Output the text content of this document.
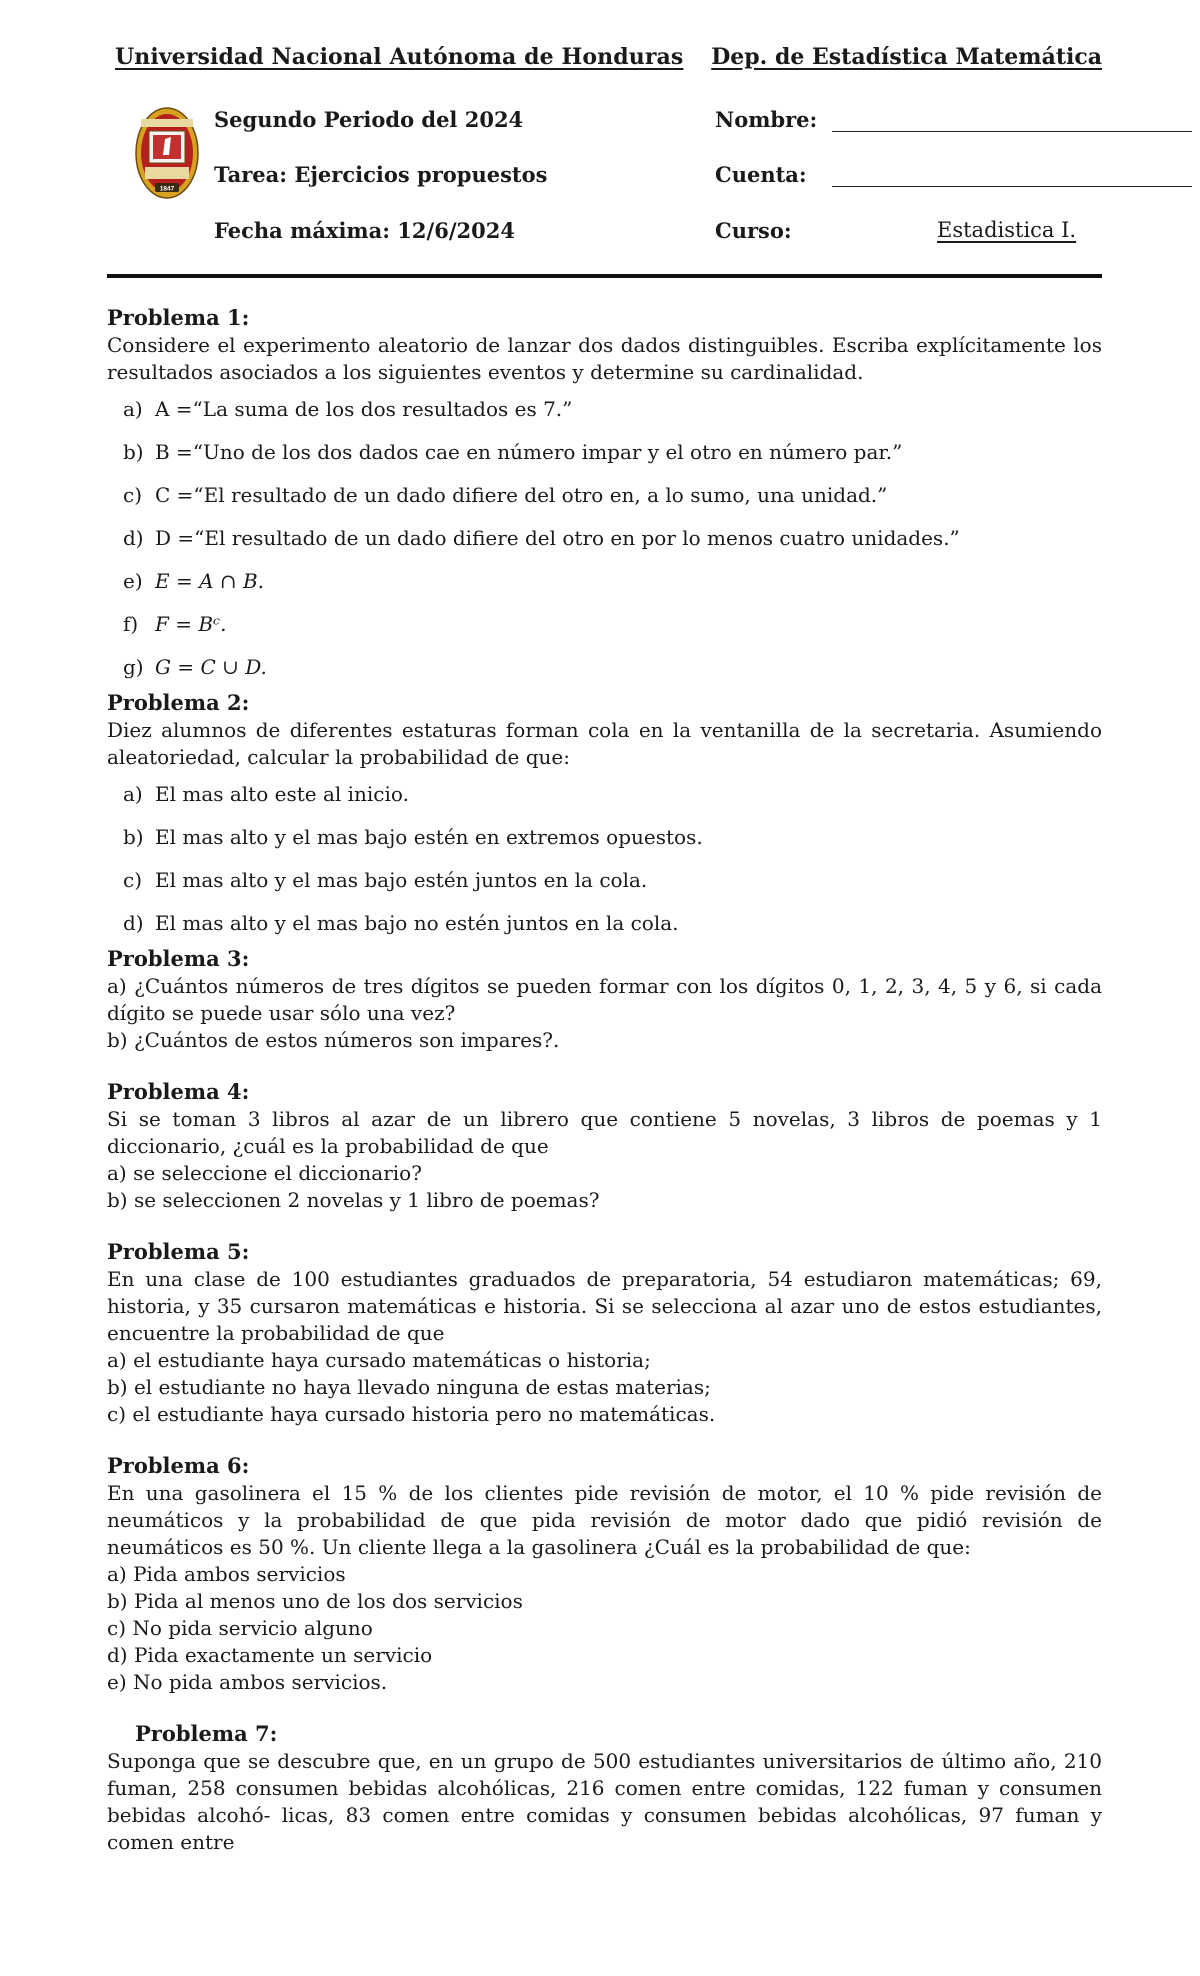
Universidad Nacional Autónoma de Honduras Dep. de Estadística Matemática
1847
Segundo Periodo del 2024	Nombre:
Tarea: Ejercicios propuestos	Cuenta:
Fecha máxima: 12/6/2024	Curso:	Estadistica I.
Problema 1:
Considere el experimento aleatorio de lanzar dos dados distinguibles. Escriba explícitamente los resultados asociados a los siguientes eventos y determine su cardinalidad.
a) A =“La suma de los dos resultados es 7.”
b) B =“Uno de los dos dados cae en número impar y el otro en número par.”
c) C =“El resultado de un dado difiere del otro en, a lo sumo, una unidad.”
d) D =“El resultado de un dado difiere del otro en por lo menos cuatro unidades.”
e) E = A ∩ B.
f) F = Bᶜ.
g) G = C ∪ D.
Problema 2:
Diez alumnos de diferentes estaturas forman cola en la ventanilla de la secretaria. Asumiendo aleatoriedad, calcular la probabilidad de que:
a) El mas alto este al inicio.
b) El mas alto y el mas bajo estén en extremos opuestos.
c) El mas alto y el mas bajo estén juntos en la cola.
d) El mas alto y el mas bajo no estén juntos en la cola.
Problema 3:
a) ¿Cuántos números de tres dígitos se pueden formar con los dígitos 0, 1, 2, 3, 4, 5 y 6, si cada dígito se puede usar sólo una vez?
b) ¿Cuántos de estos números son impares?.
Problema 4:
Si se toman 3 libros al azar de un librero que contiene 5 novelas, 3 libros de poemas y 1 diccionario, ¿cuál es la probabilidad de que
a) se seleccione el diccionario?
b) se seleccionen 2 novelas y 1 libro de poemas?
Problema 5:
En una clase de 100 estudiantes graduados de preparatoria, 54 estudiaron matemáticas; 69, historia, y 35 cursaron matemáticas e historia. Si se selecciona al azar uno de estos estudiantes, encuentre la probabilidad de que
a) el estudiante haya cursado matemáticas o historia;
b) el estudiante no haya llevado ninguna de estas materias;
c) el estudiante haya cursado historia pero no matemáticas.
Problema 6:
En una gasolinera el 15 % de los clientes pide revisión de motor, el 10 % pide revisión de neumáticos y la probabilidad de que pida revisión de motor dado que pidió revisión de neumáticos es 50 %. Un cliente llega a la gasolinera ¿Cuál es la probabilidad de que:
a) Pida ambos servicios
b) Pida al menos uno de los dos servicios
c) No pida servicio alguno
d) Pida exactamente un servicio
e) No pida ambos servicios.
Problema 7:
Suponga que se descubre que, en un grupo de 500 estudiantes universitarios de último año, 210 fuman, 258 consumen bebidas alcohólicas, 216 comen entre comidas, 122 fuman y consumen bebidas alcohó- licas, 83 comen entre comidas y consumen bebidas alcohólicas, 97 fuman y comen entre
